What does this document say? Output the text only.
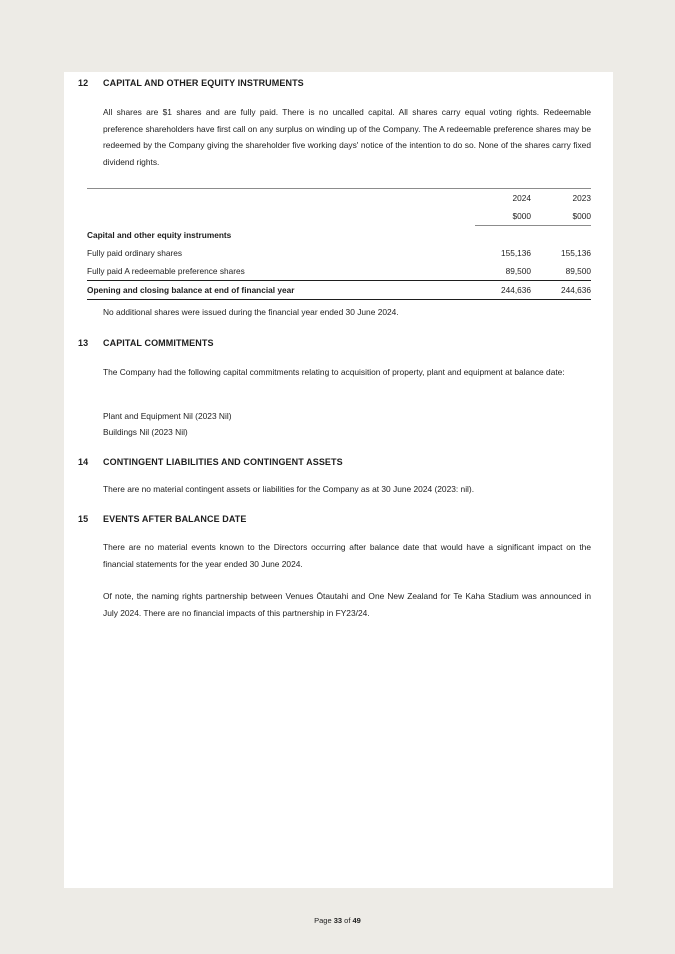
12 CAPITAL AND OTHER EQUITY INSTRUMENTS

All shares are $1 shares and are fully paid. There is no uncalled capital. All shares carry equal voting rights. Redeemable preference shareholders have first call on any surplus on winding up of the Company. The A redeemable preference shares may be redeemed by the Company giving the shareholder five working days' notice of the intention to do so. None of the shares carry fixed dividend rights.

	2024	2023
	$000	$000
Capital and other equity instruments		
Fully paid ordinary shares	155,136	155,136
Fully paid A redeemable preference shares	89,500	89,500
Opening and closing balance at end of financial year	244,636	244,636

No additional shares were issued during the financial year ended 30 June 2024.

13 CAPITAL COMMITMENTS

The Company had the following capital commitments relating to acquisition of property, plant and equipment at balance date:

Plant and Equipment Nil (2023 Nil)

Buildings Nil (2023 Nil)

14 CONTINGENT LIABILITIES AND CONTINGENT ASSETS

There are no material contingent assets or liabilities for the Company as at 30 June 2024 (2023: nil).

15 EVENTS AFTER BALANCE DATE

There are no material events known to the Directors occurring after balance date that would have a significant impact on the financial statements for the year ended 30 June 2024.

Of note, the naming rights partnership between Venues Ōtautahi and One New Zealand for Te Kaha Stadium was announced in July 2024. There are no financial impacts of this partnership in FY23/24.

Page 33 of 49
